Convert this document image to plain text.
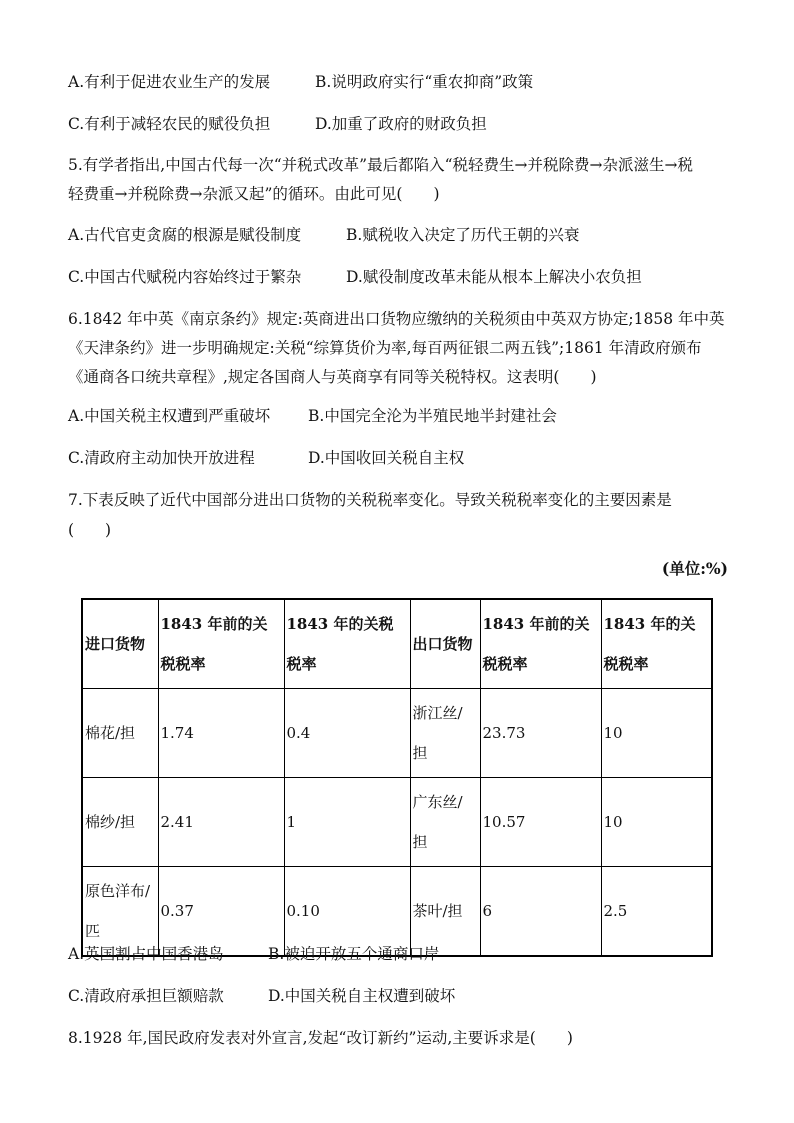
A.有利于促进农业生产的发展	B.说明政府实行“重农抑商”政策
C.有利于减轻农民的赋役负担	D.加重了政府的财政负担
5.有学者指出,中国古代每一次“并税式改革”最后都陷入“税轻费生→并税除费→杂派滋生→税
轻费重→并税除费→杂派又起”的循环。由此可见(　　)
A.古代官吏贪腐的根源是赋役制度	B.赋税收入决定了历代王朝的兴衰
C.中国古代赋税内容始终过于繁杂	D.赋役制度改革未能从根本上解决小农负担
6.1842 年中英《南京条约》规定:英商进出口货物应缴纳的关税须由中英双方协定;1858 年中英
《天津条约》进一步明确规定:关税“综算货价为率,每百两征银二两五钱”;1861 年清政府颁布
《通商各口统共章程》,规定各国商人与英商享有同等关税特权。这表明(　　)
A.中国关税主权遭到严重破坏 B.中国完全沦为半殖民地半封建社会
C.清政府主动加快开放进程	D.中国收回关税自主权
7.下表反映了近代中国部分进出口货物的关税税率变化。导致关税税率变化的主要因素是
(　　)
(单位:%)
进口货物	1843 年前的关税税率	1843 年的关税税率	出口货物	1843 年前的关税税率	1843 年的关税税率
棉花/担	1.74	0.4	浙江丝/担	23.73	10
棉纱/担	2.41	1	广东丝/担	10.57	10
原色洋布/匹	0.37	0.10	茶叶/担	6	2.5
A.英国割占中国香港岛	B.被迫开放五个通商口岸
C.清政府承担巨额赔款	D.中国关税自主权遭到破坏
8.1928 年,国民政府发表对外宣言,发起“改订新约”运动,主要诉求是(　　)
